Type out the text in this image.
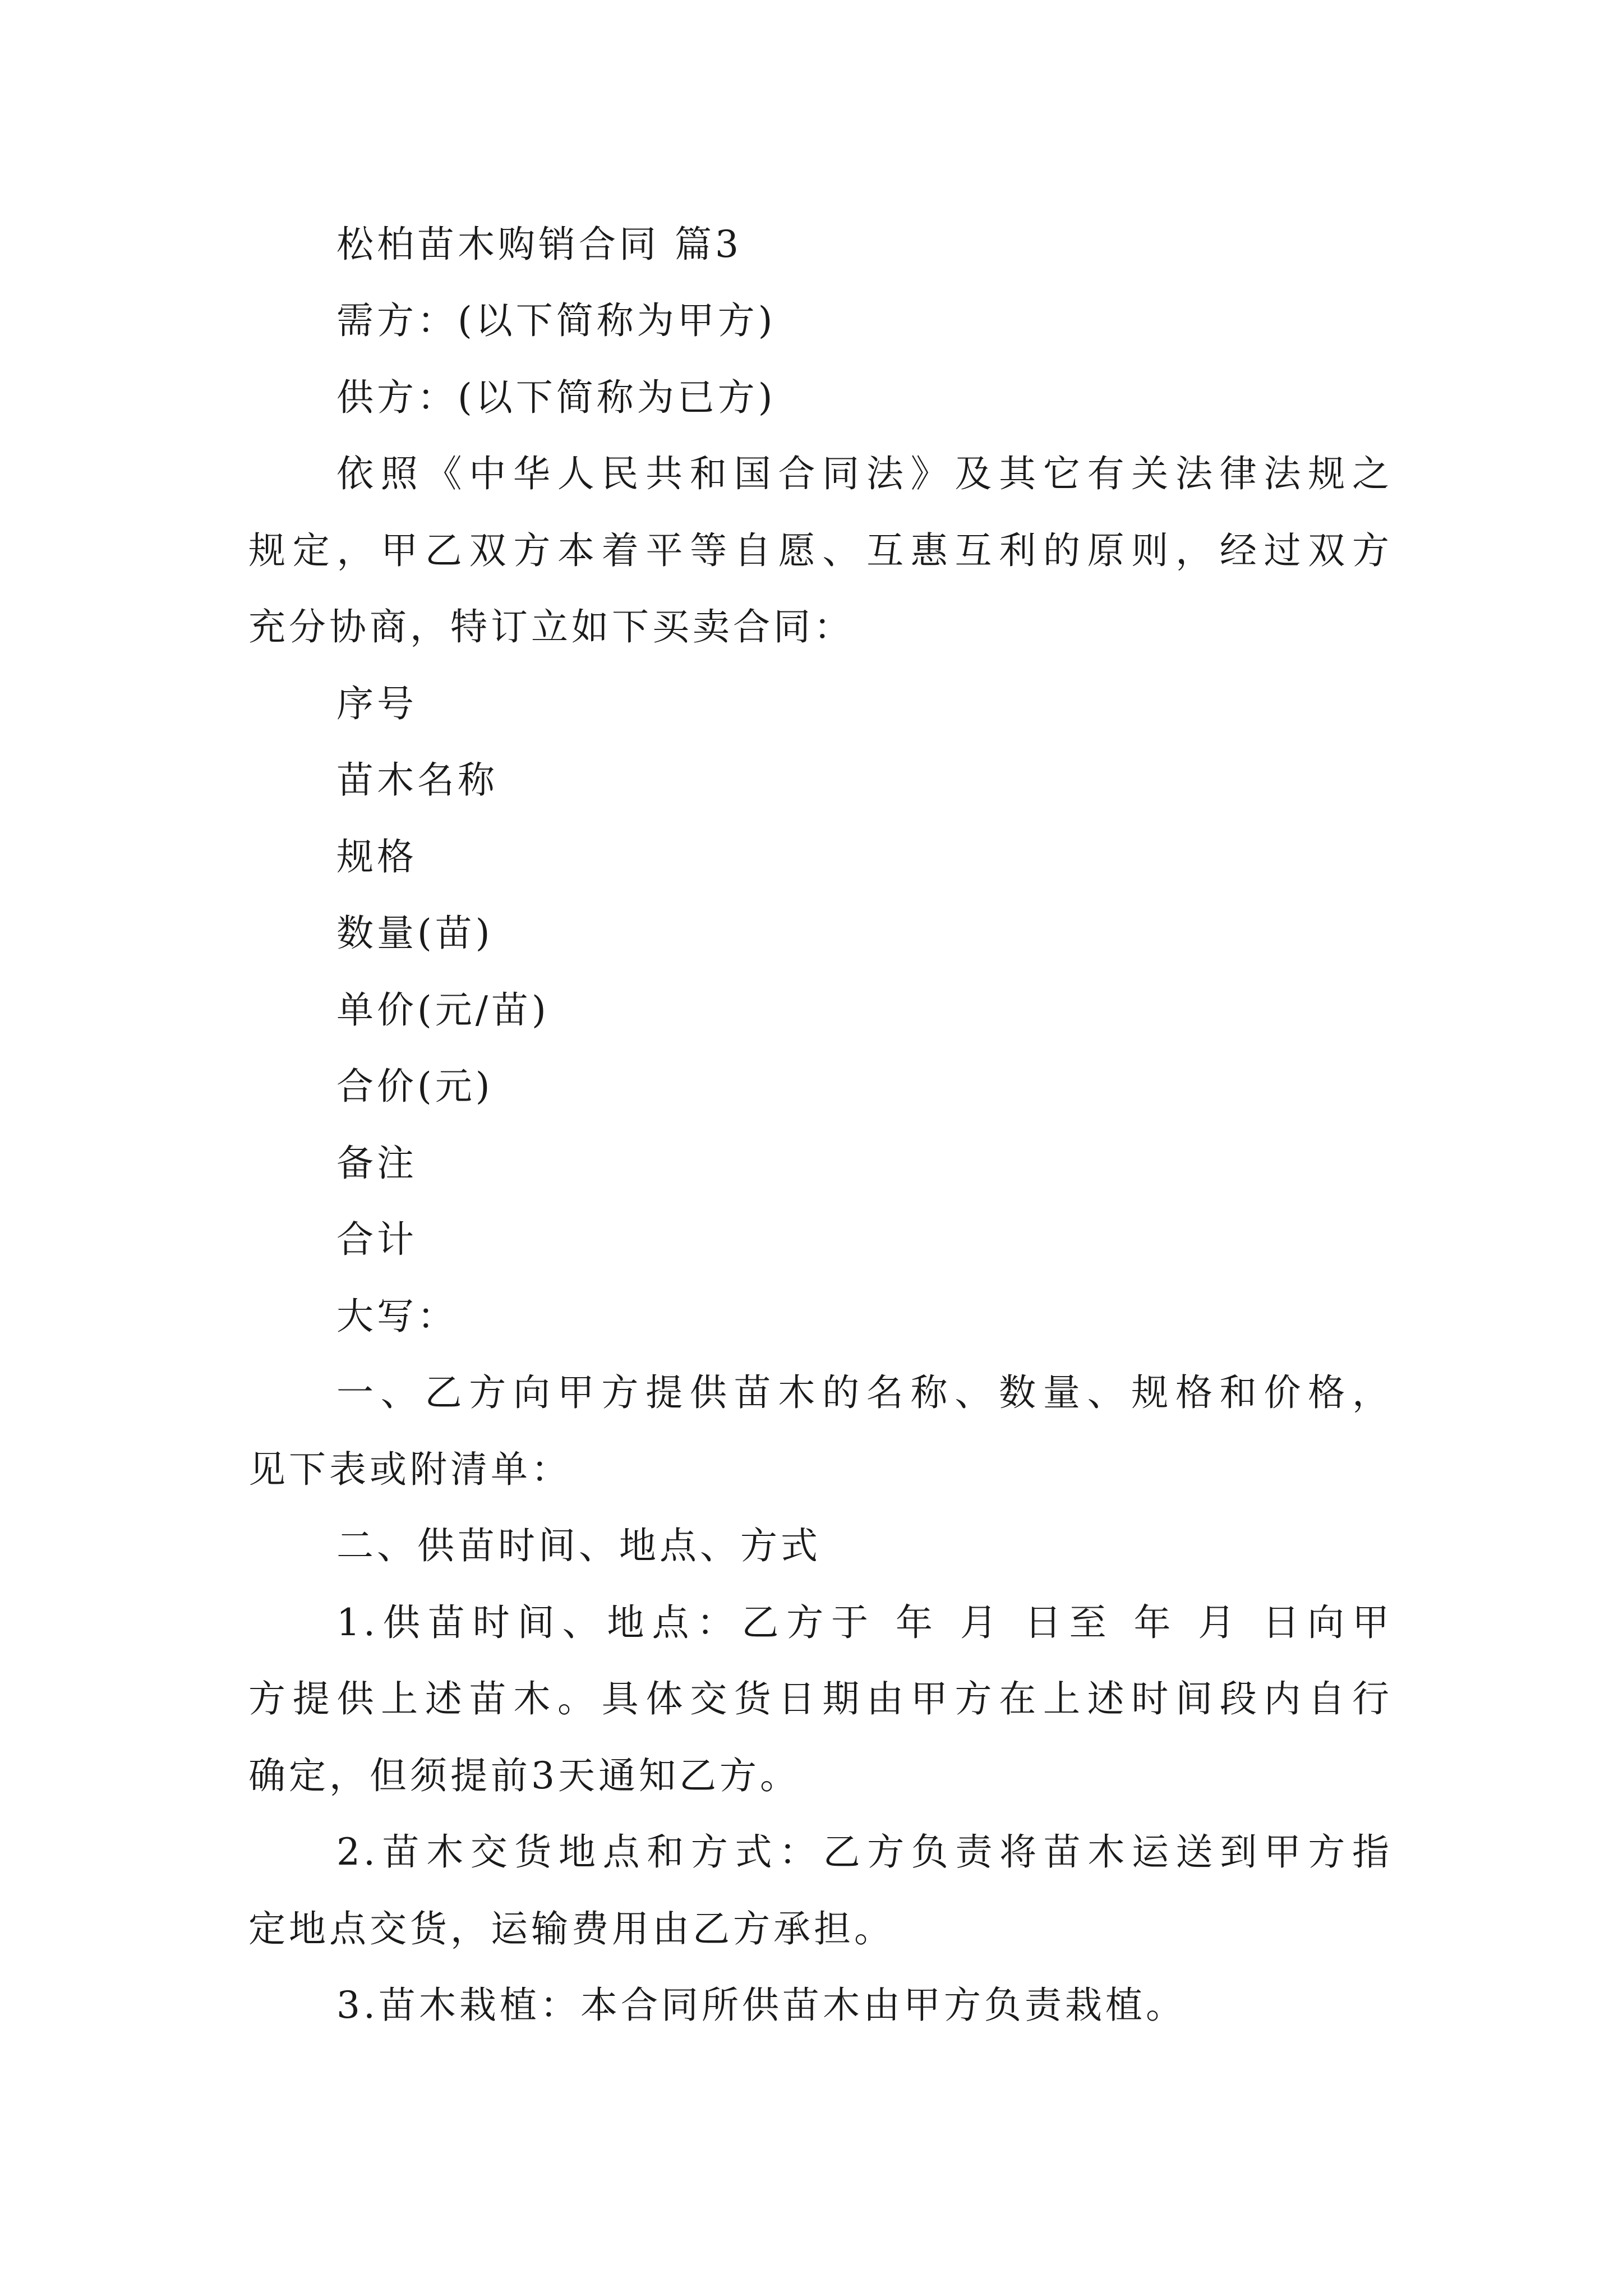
松柏苗木购销合同 篇3
需方：(以下简称为甲方)
供方：(以下简称为已方)
依照《中华人民共和国合同法》及其它有关法律法规之
规定，甲乙双方本着平等自愿、互惠互利的原则，经过双方
充分协商，特订立如下买卖合同：
序号
苗木名称
规格
数量(苗)
单价(元/苗)
合价(元)
备注
合计
大写：
一、乙方向甲方提供苗木的名称、数量、规格和价格，
见下表或附清单：
二、供苗时间、地点、方式
1.供苗时间、地点：乙方于 年 月 日至 年 月 日向甲
方提供上述苗木。具体交货日期由甲方在上述时间段内自行
确定，但须提前3天通知乙方。
2.苗木交货地点和方式：乙方负责将苗木运送到甲方指
定地点交货，运输费用由乙方承担。
3.苗木栽植：本合同所供苗木由甲方负责栽植。
